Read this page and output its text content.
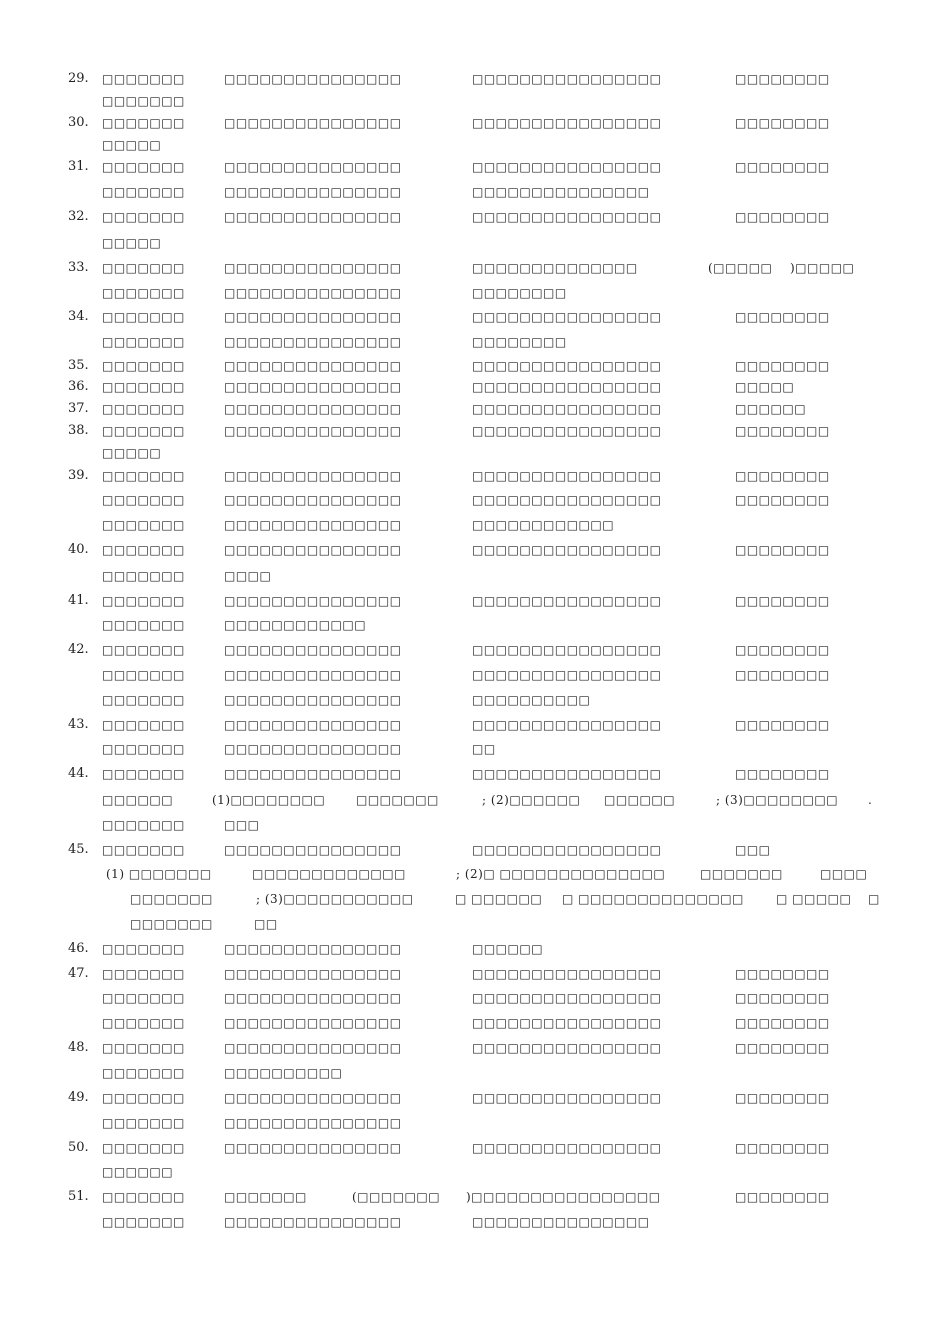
29. □□□□□□□	□□□□□□□□□□□□□□□	□□□□□□□□□□□□□□□□	□□□□□□□□
□□□□□□□
30. □□□□□□□	□□□□□□□□□□□□□□□	□□□□□□□□□□□□□□□□	□□□□□□□□
□□□□□
31. □□□□□□□	□□□□□□□□□□□□□□□	□□□□□□□□□□□□□□□□	□□□□□□□□
□□□□□□□	□□□□□□□□□□□□□□□	□□□□□□□□□□□□□□□
32. □□□□□□□	□□□□□□□□□□□□□□□	□□□□□□□□□□□□□□□□	□□□□□□□□
□□□□□
33. □□□□□□□	□□□□□□□□□□□□□□□	□□□□□□□□□□□□□□	(□□□□□ )□□□□□
□□□□□□□	□□□□□□□□□□□□□□□	□□□□□□□□
34. □□□□□□□	□□□□□□□□□□□□□□□	□□□□□□□□□□□□□□□□	□□□□□□□□
□□□□□□□	□□□□□□□□□□□□□□□	□□□□□□□□
35. □□□□□□□	□□□□□□□□□□□□□□□	□□□□□□□□□□□□□□□□	□□□□□□□□
36. □□□□□□□	□□□□□□□□□□□□□□□	□□□□□□□□□□□□□□□□	□□□□□
37. □□□□□□□	□□□□□□□□□□□□□□□	□□□□□□□□□□□□□□□□	□□□□□□
38. □□□□□□□	□□□□□□□□□□□□□□□	□□□□□□□□□□□□□□□□	□□□□□□□□
□□□□□
39. □□□□□□□	□□□□□□□□□□□□□□□	□□□□□□□□□□□□□□□□	□□□□□□□□
□□□□□□□	□□□□□□□□□□□□□□□	□□□□□□□□□□□□□□□□	□□□□□□□□
□□□□□□□	□□□□□□□□□□□□□□□	□□□□□□□□□□□□
40. □□□□□□□	□□□□□□□□□□□□□□□	□□□□□□□□□□□□□□□□	□□□□□□□□
□□□□□□□	□□□□
41. □□□□□□□	□□□□□□□□□□□□□□□	□□□□□□□□□□□□□□□□	□□□□□□□□
□□□□□□□	□□□□□□□□□□□□
42. □□□□□□□	□□□□□□□□□□□□□□□	□□□□□□□□□□□□□□□□	□□□□□□□□
□□□□□□□	□□□□□□□□□□□□□□□	□□□□□□□□□□□□□□□□	□□□□□□□□
□□□□□□□	□□□□□□□□□□□□□□□	□□□□□□□□□□
43. □□□□□□□	□□□□□□□□□□□□□□□	□□□□□□□□□□□□□□□□	□□□□□□□□
□□□□□□□	□□□□□□□□□□□□□□□	□□
44. □□□□□□□	□□□□□□□□□□□□□□□	□□□□□□□□□□□□□□□□	□□□□□□□□
□□□□□□	(1)□□□□□□□□	□□□□□□□	; (2)□□□□□□ □□□□□□	; (3)□□□□□□□□ .
□□□□□□□	□□□
45. □□□□□□□	□□□□□□□□□□□□□□□	□□□□□□□□□□□□□□□□	□□□
(1) □□□□□□□	□□□□□□□□□□□□□	; (2)□ □□□□□□□□□□□□□□	□□□□□□□	□□□□
□□□□□□□	; (3)□□□□□□□□□□□	□ □□□□□□ □ □□□□□□□□□□□□□□	□ □□□□□ □
□□□□□□□	□□
46. □□□□□□□	□□□□□□□□□□□□□□□	□□□□□□
47. □□□□□□□	□□□□□□□□□□□□□□□	□□□□□□□□□□□□□□□□	□□□□□□□□
□□□□□□□	□□□□□□□□□□□□□□□	□□□□□□□□□□□□□□□□	□□□□□□□□
□□□□□□□	□□□□□□□□□□□□□□□	□□□□□□□□□□□□□□□□	□□□□□□□□
48. □□□□□□□	□□□□□□□□□□□□□□□	□□□□□□□□□□□□□□□□	□□□□□□□□
□□□□□□□	□□□□□□□□□□
49. □□□□□□□	□□□□□□□□□□□□□□□	□□□□□□□□□□□□□□□□	□□□□□□□□
□□□□□□□	□□□□□□□□□□□□□□□
50. □□□□□□□	□□□□□□□□□□□□□□□	□□□□□□□□□□□□□□□□	□□□□□□□□
□□□□□□
51. □□□□□□□	□□□□□□□	(□□□□□□□ )□□□□□□□□□□□□□□□□	□□□□□□□□
□□□□□□□	□□□□□□□□□□□□□□□	□□□□□□□□□□□□□□□
